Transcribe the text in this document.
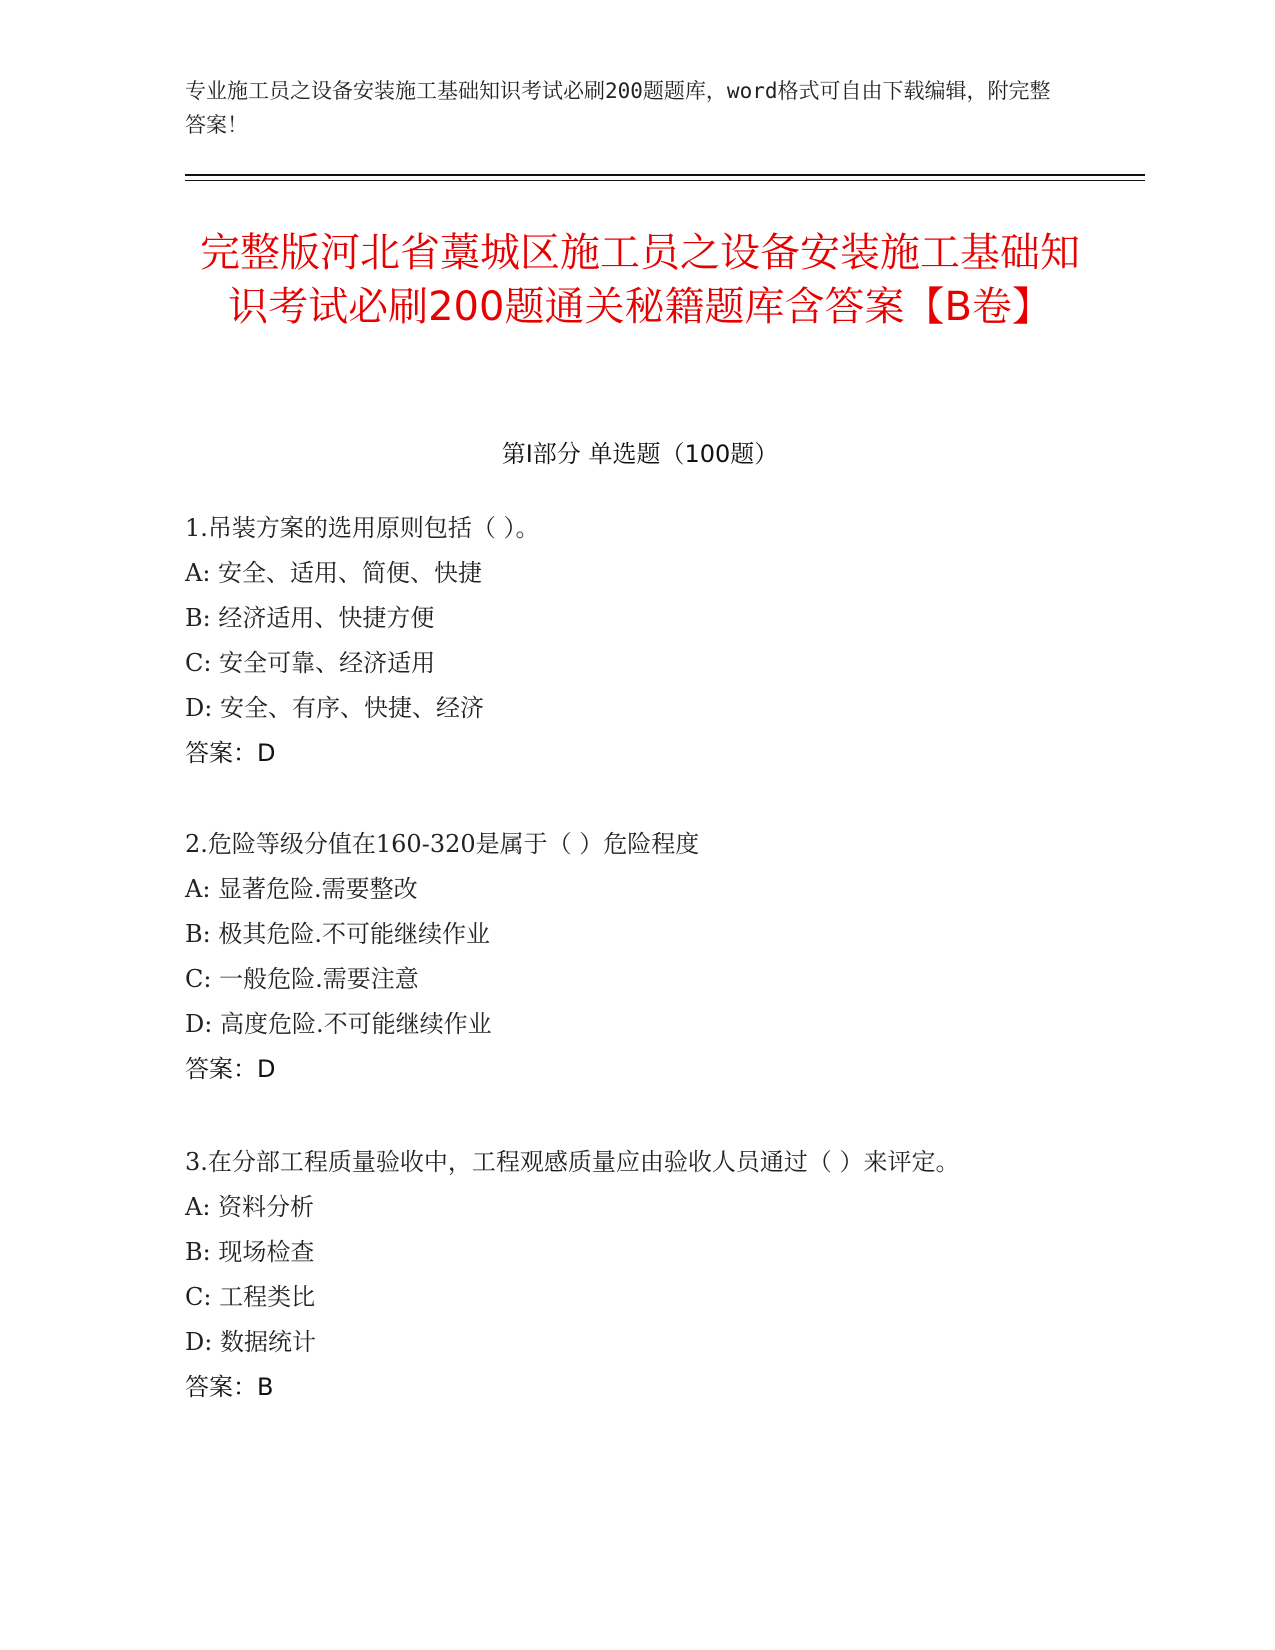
专业施工员之设备安装施工基础知识考试必刷200题题库，word格式可自由下载编辑，附完整答案！
完整版河北省藁城区施工员之设备安装施工基础知识考试必刷200题通关秘籍题库含答案【B卷】
第I部分 单选题（100题）
1.吊装方案的选用原则包括（ ）。
A: 安全、适用、简便、快捷
B: 经济适用、快捷方便
C: 安全可靠、经济适用
D: 安全、有序、快捷、经济
答案：D
2.危险等级分值在160-320是属于（ ）危险程度
A: 显著危险.需要整改
B: 极其危险.不可能继续作业
C: 一般危险.需要注意
D: 高度危险.不可能继续作业
答案：D
3.在分部工程质量验收中，工程观感质量应由验收人员通过（ ）来评定。
A: 资料分析
B: 现场检查
C: 工程类比
D: 数据统计
答案：B
